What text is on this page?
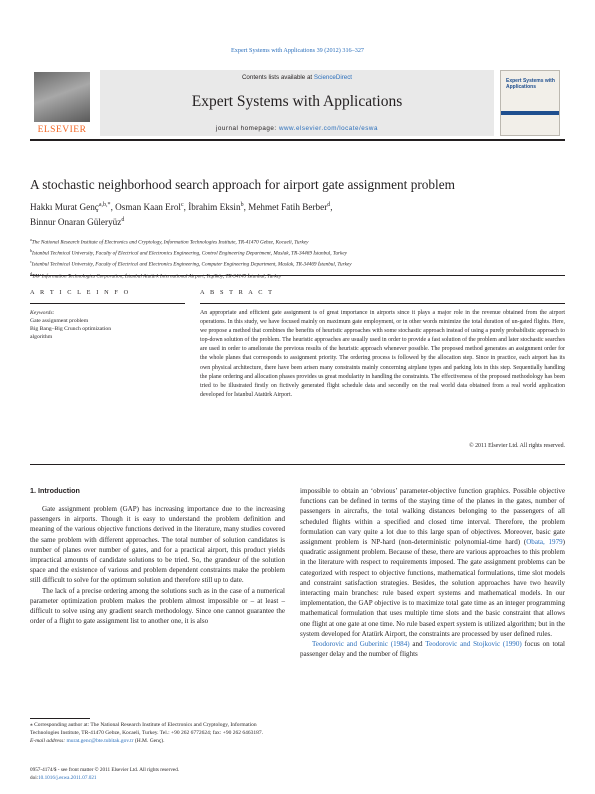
Expert Systems with Applications 39 (2012) 316–327
ELSEVIER
Contents lists available at ScienceDirect
Expert Systems with Applications
journal homepage: www.elsevier.com/locate/eswa
Expert Systems with Applications
A stochastic neighborhood search approach for airport gate assignment problem
Hakkı Murat Genç$^{a,b,*}$, Osman Kaan Erol$^c$, İbrahim Eksin$^b$, Mehmet Fatih Berber$^d$,
Binnur Onaran Güleryüz$^d$
$^a$The National Research Institute of Electronics and Cryptology, Information Technologies Institute, TR-41470 Gebze, Kocaeli, Turkey
$^b$Istanbul Technical University, Faculty of Electrical and Electronics Engineering, Control Engineering Department, Maslak, TR-34469 İstanbul, Turkey
$^c$Istanbul Technical University, Faculty of Electrical and Electronics Engineering, Computer Engineering Department, Maslak, TR-34469 İstanbul, Turkey
$^d$TAV Information Technologies Corporation, İstanbul Atatürk International Airport, Yeşilköy, TR-34149 İstanbul, Turkey
A R T I C L E I N F O	A B S T R A C T
Keywords:
Gate assignment problem
Big Bang–Big Crunch optimization
algorithm
An appropriate and efficient gate assignment is of great importance in airports since it plays a major role in the revenue obtained from the airport operations. In this study, we have focused mainly on maximum gate employment, or in other words minimize the total duration of un-gated flights. Here, we propose a method that combines the benefits of heuristic approaches with some stochastic approach instead of using a purely probabilistic approach to top-down solution of the problem. The heuristic approaches are usually used in order to provide a fast solution of the problem and later stochastic searches are used in order to ameliorate the previous results of the heuristic approach whenever possible. The proposed method generates an assignment order for the whole planes that corresponds to assignment priority. The ordering process is followed by the allocation step. Since in practice, each airport has its own physical architecture, there have been arisen many constraints mainly concerning airplane types and parking lots in this step. Sequentially handling the plane ordering and allocation phases provides us great modularity in handling the constraints. The effectiveness of the proposed methodology has been tried to be illustrated firstly on fictively generated flight schedule data and secondly on the real world data obtained from a real world application developed for İstanbul Atatürk Airport.
© 2011 Elsevier Ltd. All rights reserved.
1. Introduction

Gate assignment problem (GAP) has increasing importance due to the increasing passengers in airports. Though it is easy to understand the problem definition and meaning of the various objective functions derived in the literature, many studies covered the same problem with different approaches. The total number of solution candidates is number of planes over number of gates, and for a practical airport, this product yields impractical amounts of candidate solutions to be tried. So, the grandeur of the solution space and the existence of various and problem dependent constraints make the problem still difficult to solve for the optimum solution and therefore still up to date.

The lack of a precise ordering among the solutions such as in the case of a numerical parameter optimization problem makes the problem almost impossible or – at least – difficult to solve using any gradient search methodology. Since one cannot guarantee the order of a flight to gate assignment list to another one, it is also

impossible to obtain an ‘obvious’ parameter-objective function graphics. Possible objective functions can be defined in terms of the staying time of the planes in the gates, number of passengers in aircrafts, the total walking distances belonging to the passengers of all scheduled flights within a specified and closed time interval. Therefore, the problem formulation can vary quite a lot due to this large span of objectives. Moreover, basic gate assignment problem is NP-hard (non-deterministic polynomial-time hard) (Obata, 1979) quadratic assignment problem. Because of these, there are various approaches to this problem in the literature with respect to requirements imposed. The gate assignment problems can be categorized with respect to objective functions, mathematical formulations, time slot models and constraint satisfaction strategies. Besides, the solution approaches have two heavily interacting main branches: rule based expert systems and mathematical models. In our implementation, the GAP objective is to maximize total gate time as an integer programming mathematical formulation that uses multiple time slots and the basic constraint that allows one flight at one gate at one time. No rule based expert system is utilized algorithm; but in the system developed for Atatürk Airport, the constraints are processed by user defined rules.

Teodorovic and Guberinic (1984) and Teodorovic and Stojkovic (1990) focus on total passenger delay and the number of flights

⁎ Corresponding author at: The National Research Institute of Electronics and Cryptology, Information Technologies Institute, TR-41470 Gebze, Kocaeli, Turkey. Tel.: +90 262 6772624; fax: +90 262 6463187.
E-mail address: murat.genc@bte.tubitak.gov.tr (H.M. Genç).
0957-4174/$ - see front matter © 2011 Elsevier Ltd. All rights reserved.
doi:10.1016/j.eswa.2011.07.021
